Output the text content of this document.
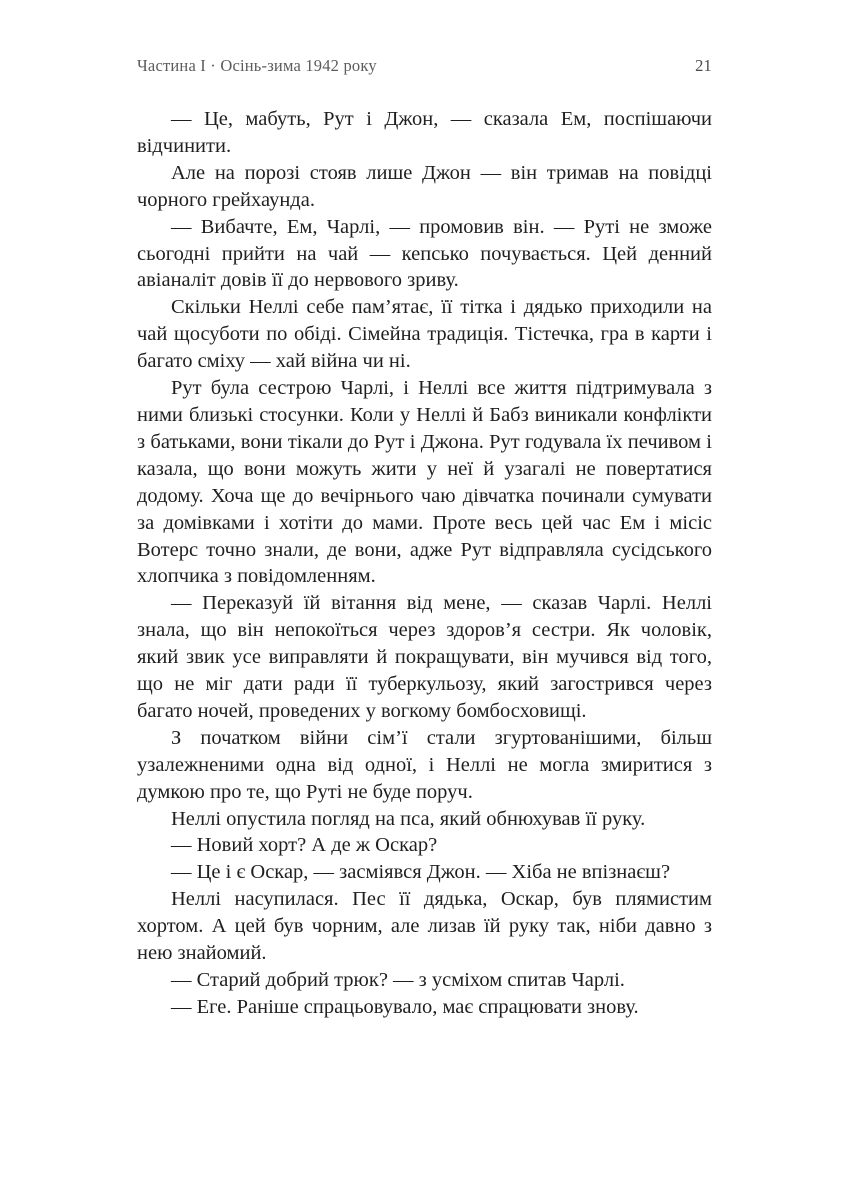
Частина І · Осінь-зима 1942 року	21

— Це, мабуть, Рут і Джон, — сказала Ем, поспішаючи відчинити.

Але на порозі стояв лише Джон — він тримав на повідці чорного грейхаунда.

— Вибачте, Ем, Чарлі, — промовив він. — Руті не зможе сьогодні прийти на чай — кепсько почувається. Цей денний авіаналіт довів її до нервового зриву.

Скільки Неллі себе пам’ятає, її тітка і дядько приходили на чай щосуботи по обіді. Сімейна традиція. Тістечка, гра в карти і багато сміху — хай війна чи ні.

Рут була сестрою Чарлі, і Неллі все життя підтримувала з ними близькі стосунки. Коли у Неллі й Бабз виникали конфлікти з батьками, вони тікали до Рут і Джона. Рут годувала їх печивом і казала, що вони можуть жити у неї й узагалі не повертатися додому. Хоча ще до вечірнього чаю дівчатка починали сумувати за домівками і хотіти до мами. Проте весь цей час Ем і місіс Вотерс точно знали, де вони, адже Рут відправляла сусідського хлопчика з повідомленням.

— Переказуй їй вітання від мене, — сказав Чарлі. Неллі знала, що він непокоїться через здоров’я сестри. Як чоловік, який звик усе виправляти й покращувати, він мучився від того, що не міг дати ради її туберкульозу, який загострився через багато ночей, проведених у вогкому бомбосховищі.

З початком війни сім’ї стали згуртованішими, більш узалежненими одна від одної, і Неллі не могла змиритися з думкою про те, що Руті не буде поруч.

Неллі опустила погляд на пса, який обнюхував її руку.

— Новий хорт? А де ж Оскар?

— Це і є Оскар, — засміявся Джон. — Хіба не впізнаєш?

Неллі насупилася. Пес її дядька, Оскар, був плямистим хортом. А цей був чорним, але лизав їй руку так, ніби давно з нею знайомий.

— Старий добрий трюк? — з усміхом спитав Чарлі.

— Еге. Раніше спрацьовувало, має спрацювати знову.
